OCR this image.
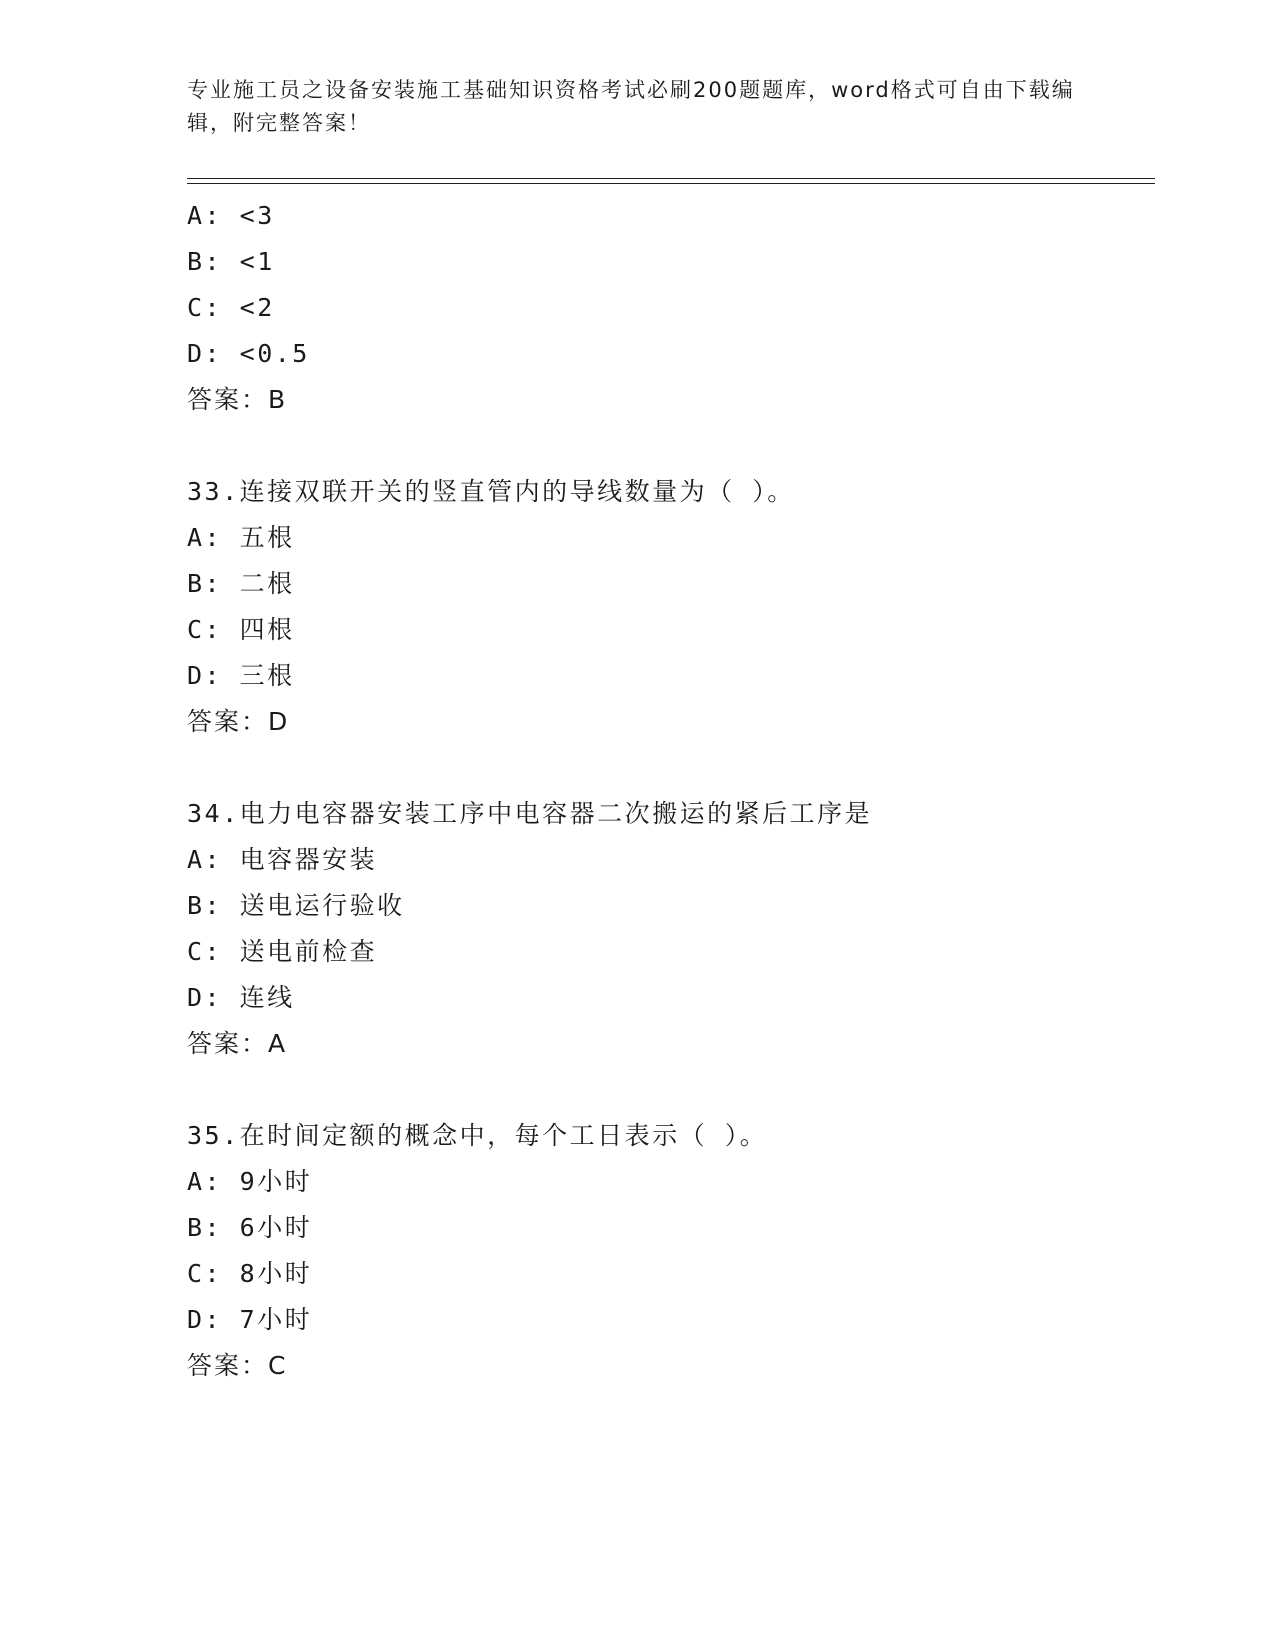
专业施工员之设备安装施工基础知识资格考试必刷200题题库，word格式可自由下载编辑，附完整答案！
A: <3
B: <1
C: <2
D: <0.5
答案：B
33.连接双联开关的竖直管内的导线数量为（ ）。
A: 五根
B: 二根
C: 四根
D: 三根
答案：D
34.电力电容器安装工序中电容器二次搬运的紧后工序是
A: 电容器安装
B: 送电运行验收
C: 送电前检查
D: 连线
答案：A
35.在时间定额的概念中，每个工日表示（ ）。
A: 9小时
B: 6小时
C: 8小时
D: 7小时
答案：C
